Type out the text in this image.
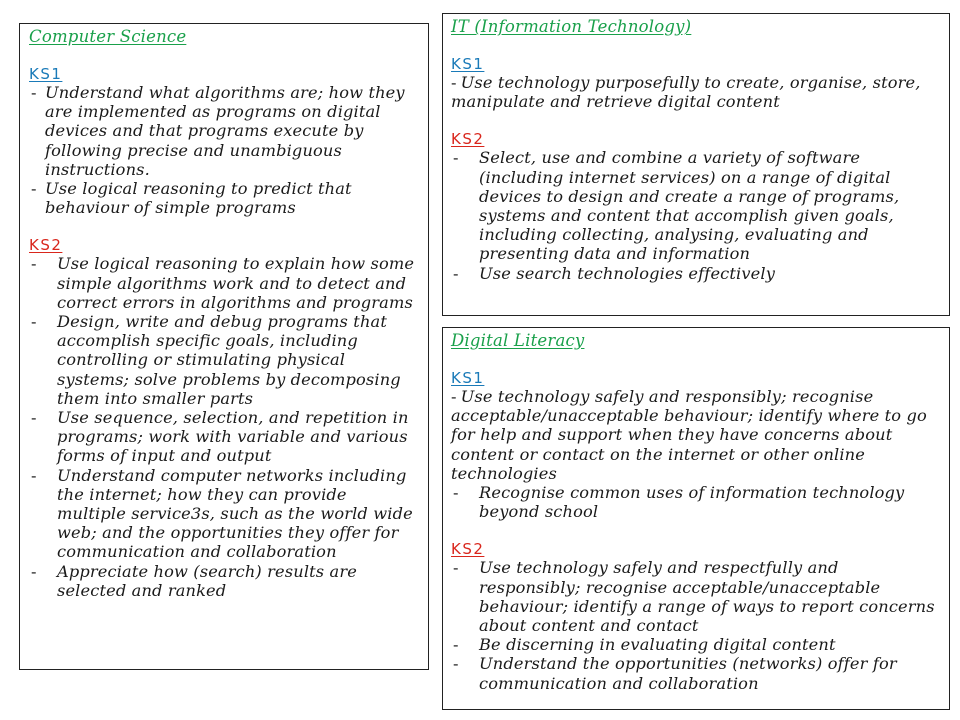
Computer Science
KS1
- Understand what algorithms are; how they are implemented as programs on digital devices and that programs execute by following precise and unambiguous instructions.
- Use logical reasoning to predict that behaviour of simple programs
KS2
- Use logical reasoning to explain how some simple algorithms work and to detect and correct errors in algorithms and programs
- Design, write and debug programs that accomplish specific goals, including controlling or stimulating physical systems; solve problems by decomposing them into smaller parts
- Use sequence, selection, and repetition in programs; work with variable and various forms of input and output
- Understand computer networks including the internet; how they can provide multiple service3s, such as the world wide web; and the opportunities they offer for communication and collaboration
- Appreciate how (search) results are selected and ranked
IT (Information Technology)
KS1
- Use technology purposefully to create, organise, store, manipulate and retrieve digital content
KS2
- Select, use and combine a variety of software (including internet services) on a range of digital devices to design and create a range of programs, systems and content that accomplish given goals, including collecting, analysing, evaluating and presenting data and information
- Use search technologies effectively
Digital Literacy
KS1
- Use technology safely and responsibly; recognise acceptable/unacceptable behaviour; identify where to go for help and support when they have concerns about content or contact on the internet or other online technologies
- Recognise common uses of information technology beyond school
KS2
- Use technology safely and respectfully and responsibly; recognise acceptable/unacceptable behaviour; identify a range of ways to report concerns about content and contact
- Be discerning in evaluating digital content
- Understand the opportunities (networks) offer for communication and collaboration
